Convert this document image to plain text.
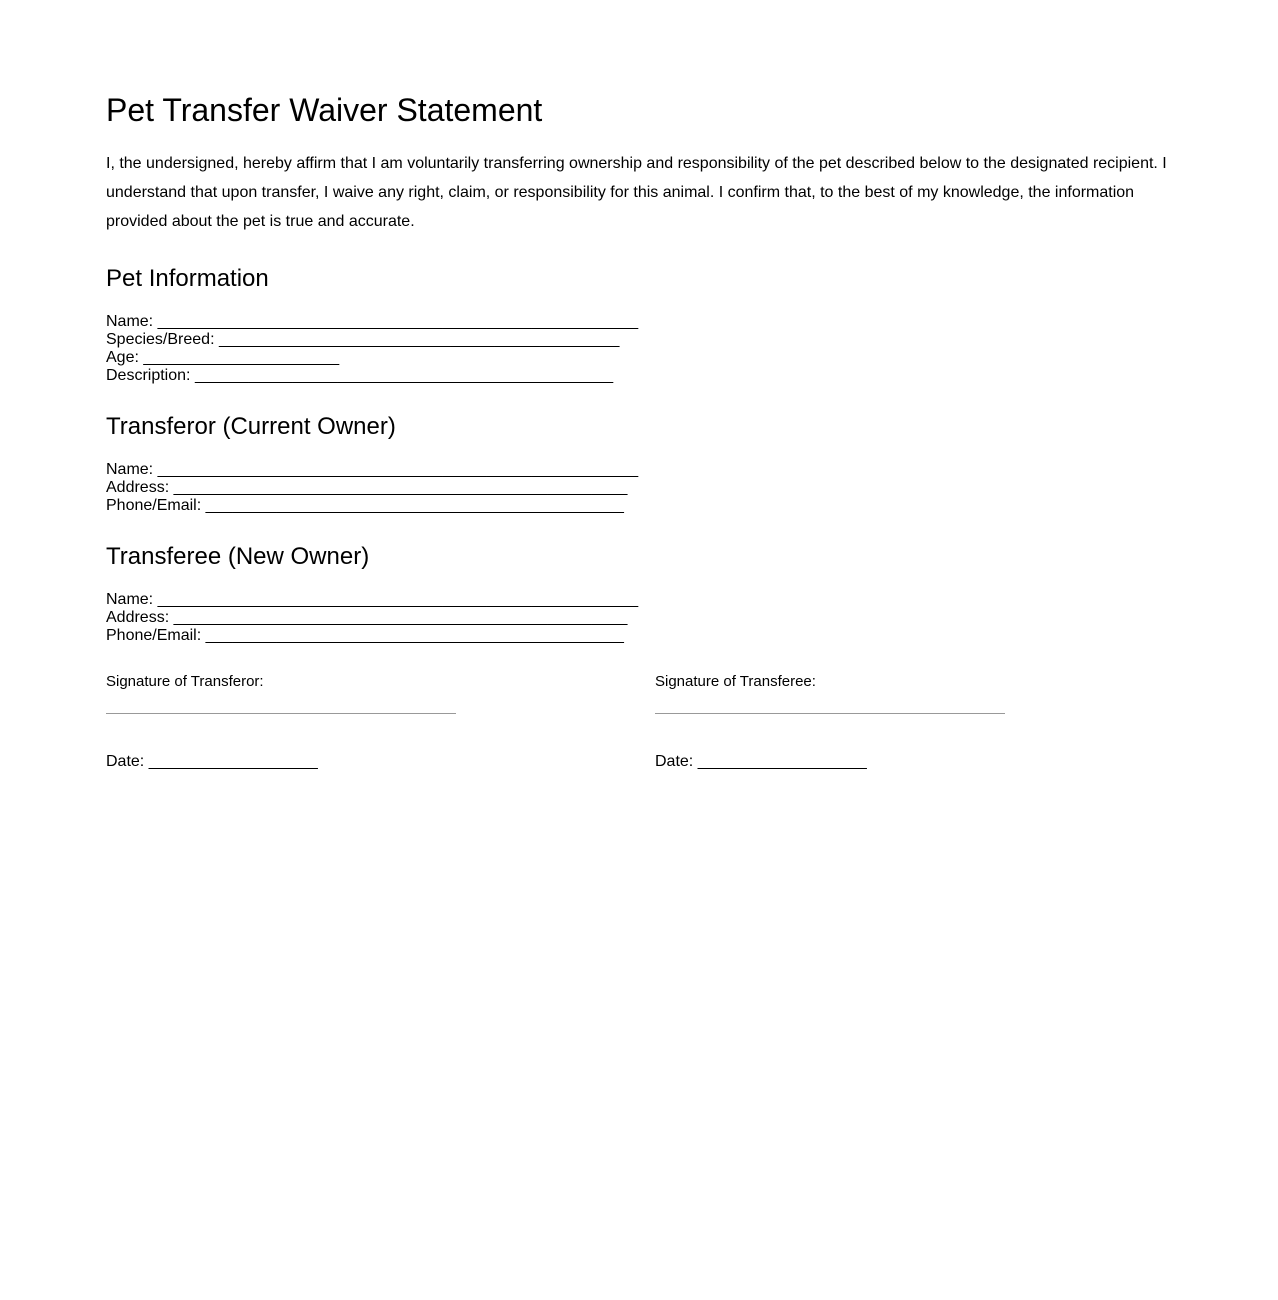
Pet Transfer Waiver Statement

I, the undersigned, hereby affirm that I am voluntarily transferring ownership and responsibility of the pet described below to the designated recipient. I understand that upon transfer, I waive any right, claim, or responsibility for this animal. I confirm that, to the best of my knowledge, the information provided about the pet is true and accurate.

Pet Information
Name: ______________________________________________________
Species/Breed: _____________________________________________
Age: ______________________
Description: _______________________________________________
Transferor (Current Owner)
Name: ______________________________________________________
Address: ___________________________________________________
Phone/Email: _______________________________________________
Transferee (New Owner)
Name: ______________________________________________________
Address: ___________________________________________________
Phone/Email: _______________________________________________
Signature of Transferor:
Date: ___________________
Signature of Transferee:
Date: ___________________
